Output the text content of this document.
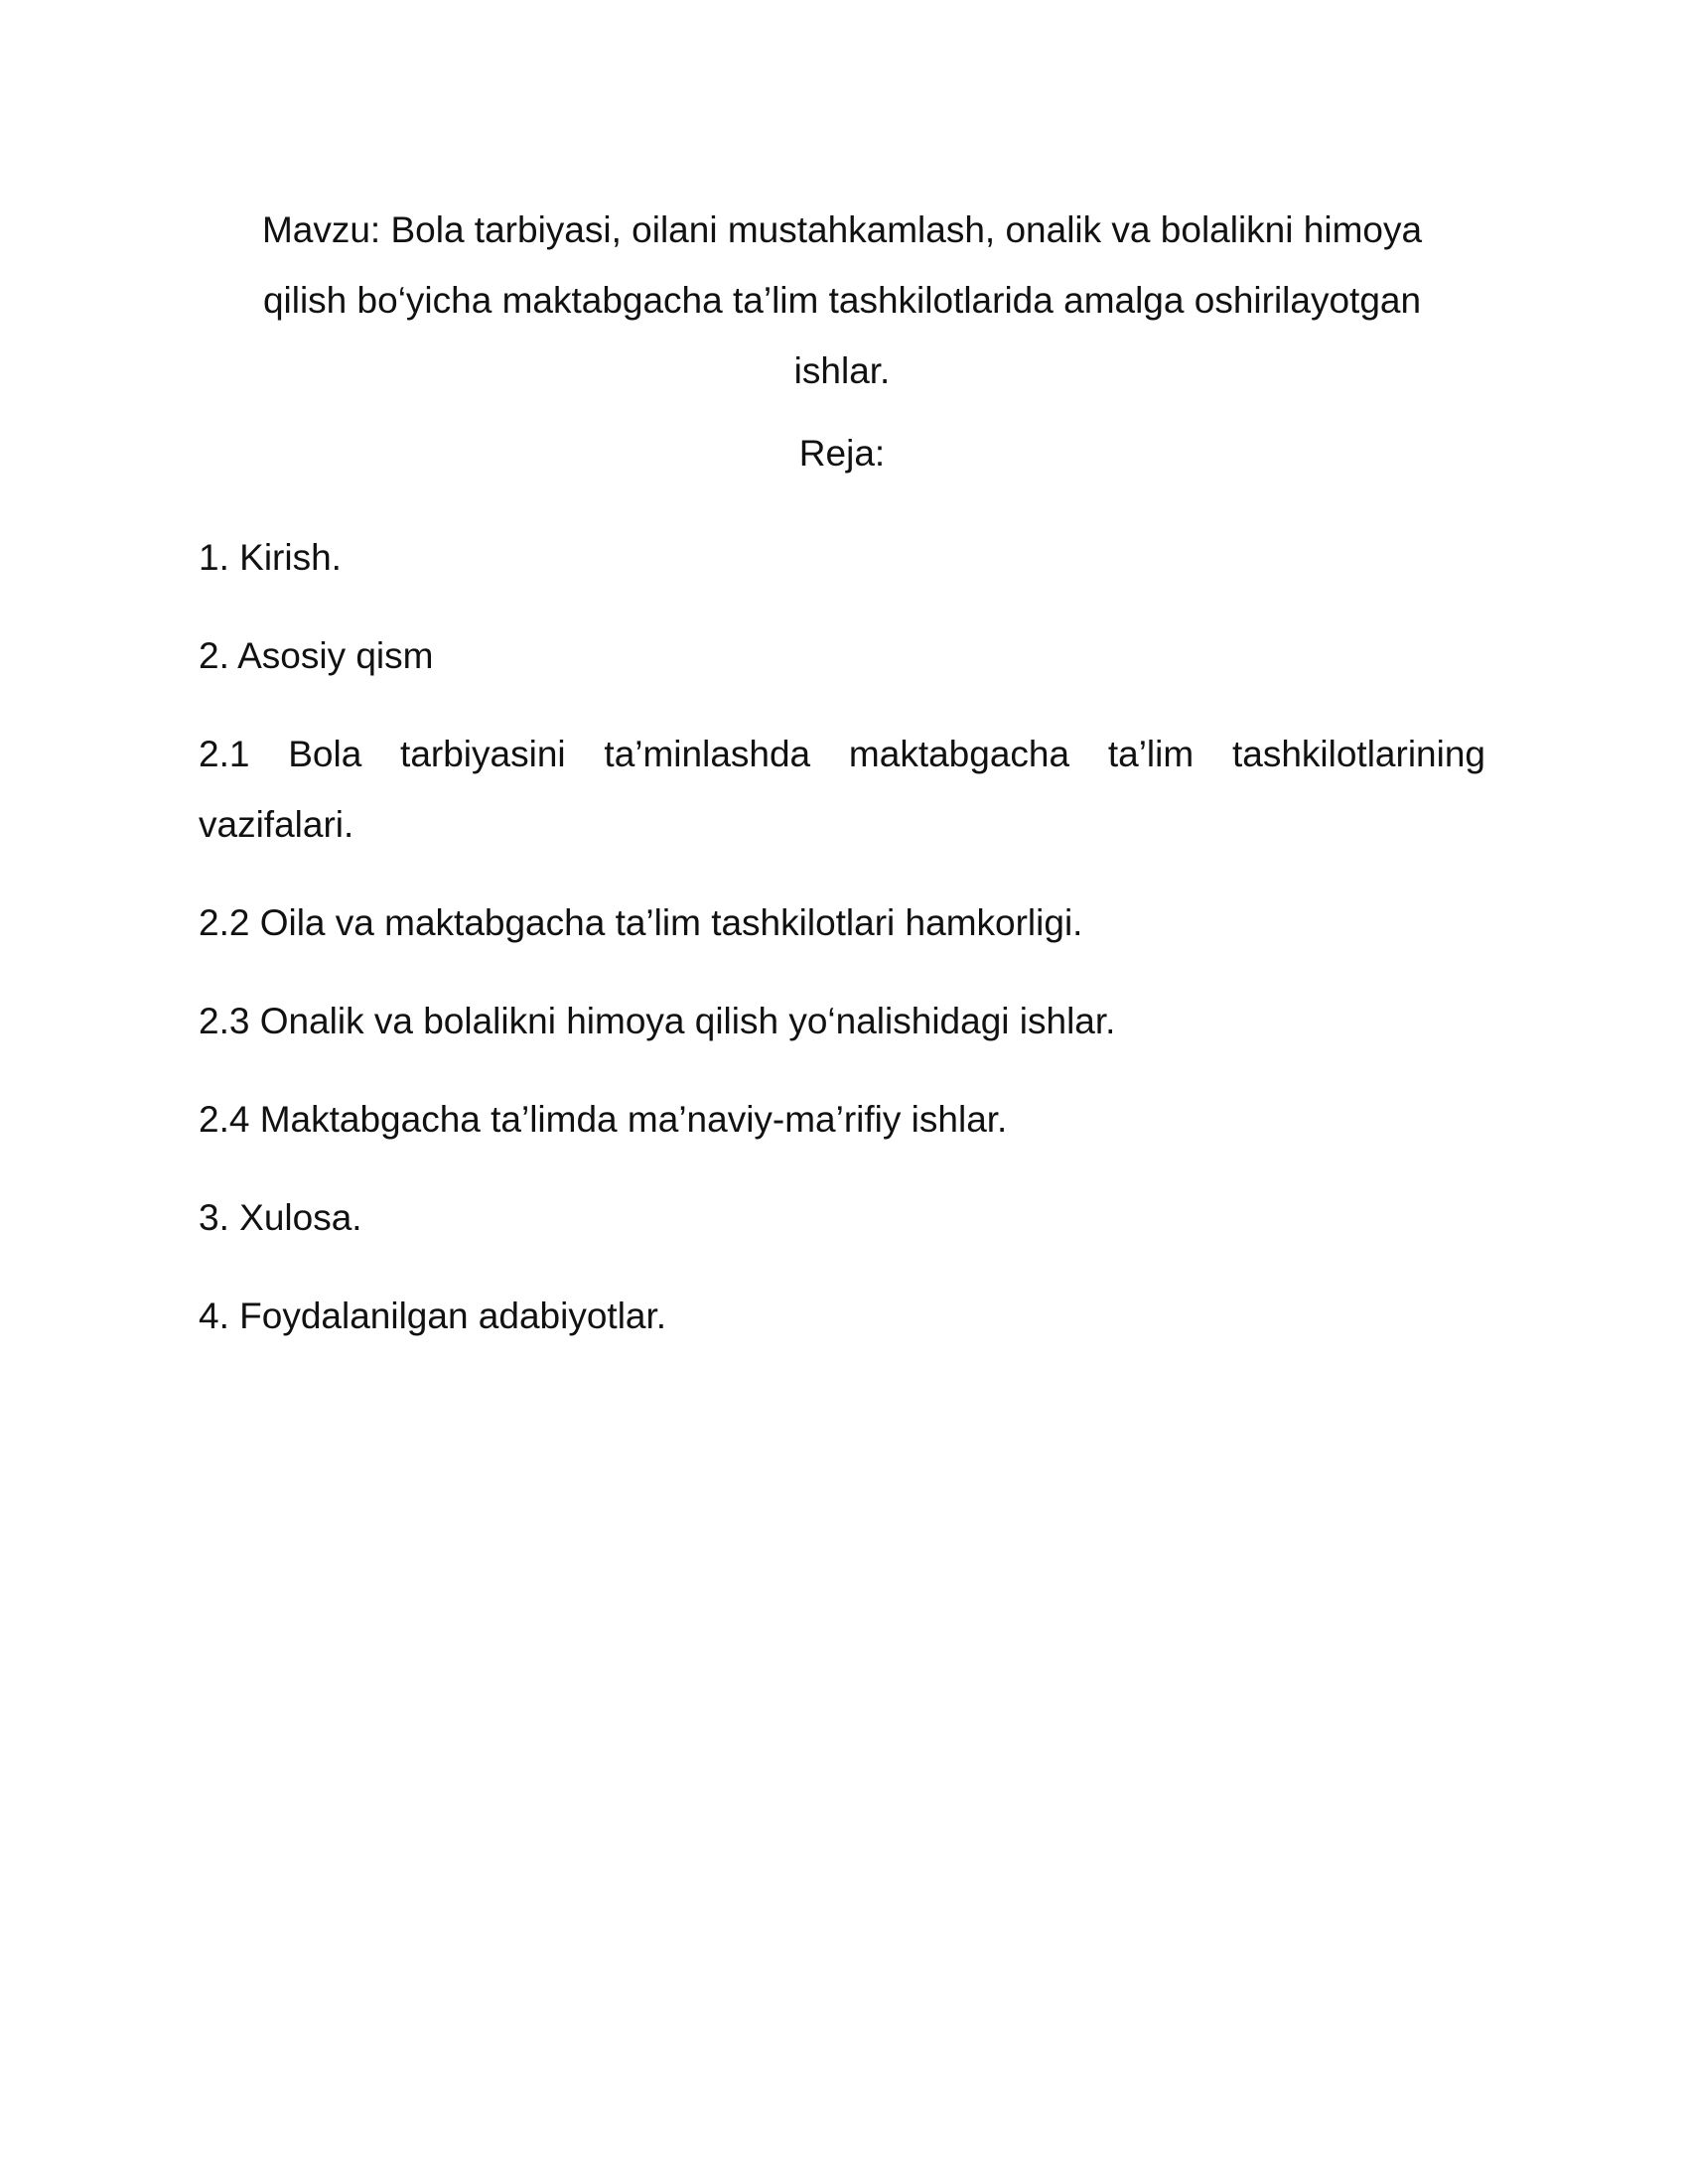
Mavzu: Bola tarbiyasi, oilani mustahkamlash, onalik va bolalikni himoya qilish bo‘yicha maktabgacha ta’lim tashkilotlarida amalga oshirilayotgan ishlar.

Reja:

1. Kirish.
2. Asosiy qism
2.1 Bola tarbiyasini ta’minlashda maktabgacha ta’lim tashkilotlarining vazifalari.
2.2 Oila va maktabgacha ta’lim tashkilotlari hamkorligi.
2.3 Onalik va bolalikni himoya qilish yo‘nalishidagi ishlar.
2.4 Maktabgacha ta’limda ma’naviy-ma’rifiy ishlar.
3. Xulosa.
4. Foydalanilgan adabiyotlar.
